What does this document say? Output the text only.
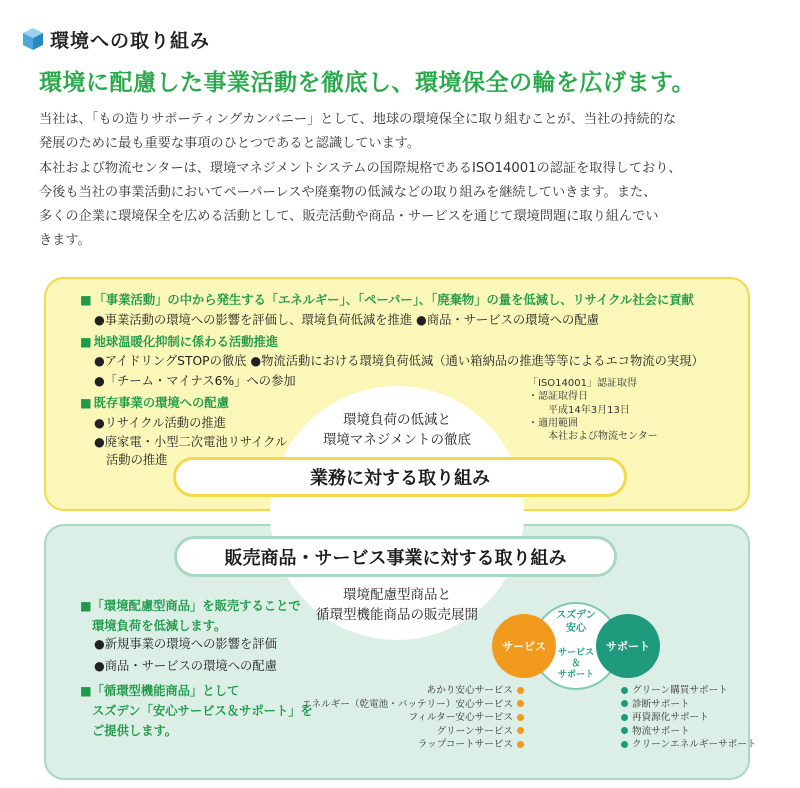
環境への取り組み
環境に配慮した事業活動を徹底し、環境保全の輪を広げます。

当社は、「もの造りサポーティングカンパニー」として、地球の環境保全に取り組むことが、当社の持続的な

発展のために最も重要な事項のひとつであると認識しています。

本社および物流センターは、環境マネジメントシステムの国際規格であるISO14001の認証を取得しており、

今後も当社の事業活動においてペーパーレスや廃棄物の低減などの取り組みを継続していきます。また、

多くの企業に環境保全を広める活動として、販売活動や商品・サービスを通じて環境問題に取り組んでい

きます。

■ 「事業活動」の中から発生する「エネルギー」、「ペーパー」、「廃棄物」の量を低減し、リサイクル社会に貢献
●事業活動の環境への影響を評価し、環境負荷低減を推進 ●商品・サービスの環境への配慮
■ 地球温暖化抑制に係わる活動推進
●アイドリングSTOPの徹底 ●物流活動における環境負荷低減（通い箱納品の推進等等によるエコ物流の実現）
●「チーム・マイナス6%」への参加
■ 既存事業の環境への配慮
●リサイクル活動の推進
●廃家電・小型二次電池リサイクル
活動の推進
「ISO14001」認証取得
・認証取得日
平成14年3月13日
・適用範囲
本社および物流センター
環境負荷の低減と
環境マネジメントの徹底
業務に対する取り組み
販売商品・サービス事業に対する取り組み
環境配慮型商品と
循環型機能商品の販売展開
■「環境配慮型商品」を販売することで
環境負荷を低減します。
●新規事業の環境への影響を評価
●商品・サービスの環境への配慮
■「循環型機能商品」として
スズデン「安心サービス＆サポート」を
ご提供します。
サービス	サポート
スズデン
安心
サービス
＆
サポート
あかり安心サービス
エネルギー（乾電池・バッテリー）安心サービス
フィルター安心サービス
グリーンサービス
ラップコートサービス
グリーン購買サポート
診断サポート
再資源化サポート
物流サポート
クリーンエネルギーサポート
